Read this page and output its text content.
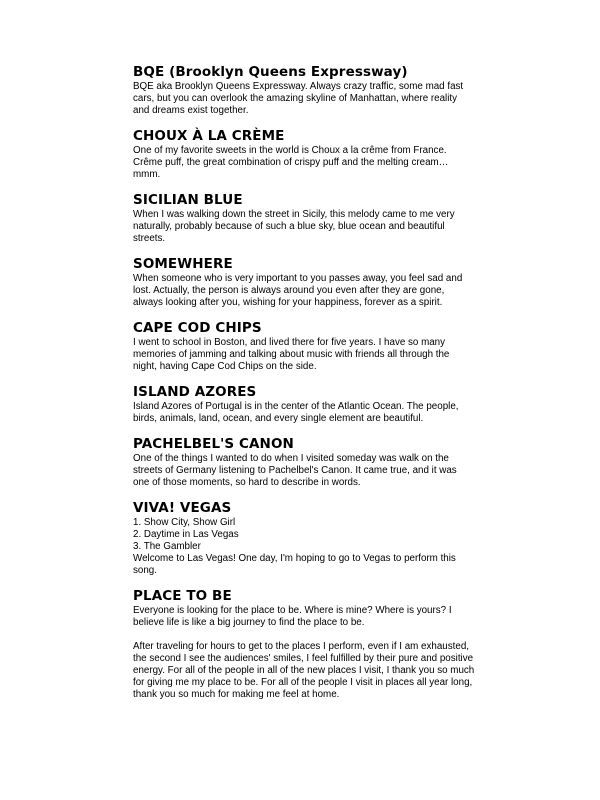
BQE (Brooklyn Queens Expressway)

BQE aka Brooklyn Queens Expressway. Always crazy traffic, some mad fast cars, but you can overlook the amazing skyline of Manhattan, where reality and dreams exist together.

CHOUX À LA CRÈME

One of my favorite sweets in the world is Choux a la crême from France. Crême puff, the great combination of crispy puff and the melting cream… mmm.

SICILIAN BLUE

When I was walking down the street in Sicily, this melody came to me very naturally, probably because of such a blue sky, blue ocean and beautiful streets.

SOMEWHERE

When someone who is very important to you passes away, you feel sad and lost. Actually, the person is always around you even after they are gone, always looking after you, wishing for your happiness, forever as a spirit.

CAPE COD CHIPS

I went to school in Boston, and lived there for five years. I have so many memories of jamming and talking about music with friends all through the night, having Cape Cod Chips on the side.

ISLAND AZORES

Island Azores of Portugal is in the center of the Atlantic Ocean. The people, birds, animals, land, ocean, and every single element are beautiful.

PACHELBEL'S CANON

One of the things I wanted to do when I visited someday was walk on the streets of Germany listening to Pachelbel's Canon. It came true, and it was one of those moments, so hard to describe in words.

VIVA! VEGAS
1. Show City, Show Girl
2. Daytime in Las Vegas
3. The Gambler

Welcome to Las Vegas! One day, I'm hoping to go to Vegas to perform this song.

PLACE TO BE

Everyone is looking for the place to be. Where is mine? Where is yours? I believe life is like a big journey to find the place to be.

After traveling for hours to get to the places I perform, even if I am exhausted, the second I see the audiences' smiles, I feel fulfilled by their pure and positive energy. For all of the people in all of the new places I visit, I thank you so much for giving me my place to be. For all of the people I visit in places all year long, thank you so much for making me feel at home.
